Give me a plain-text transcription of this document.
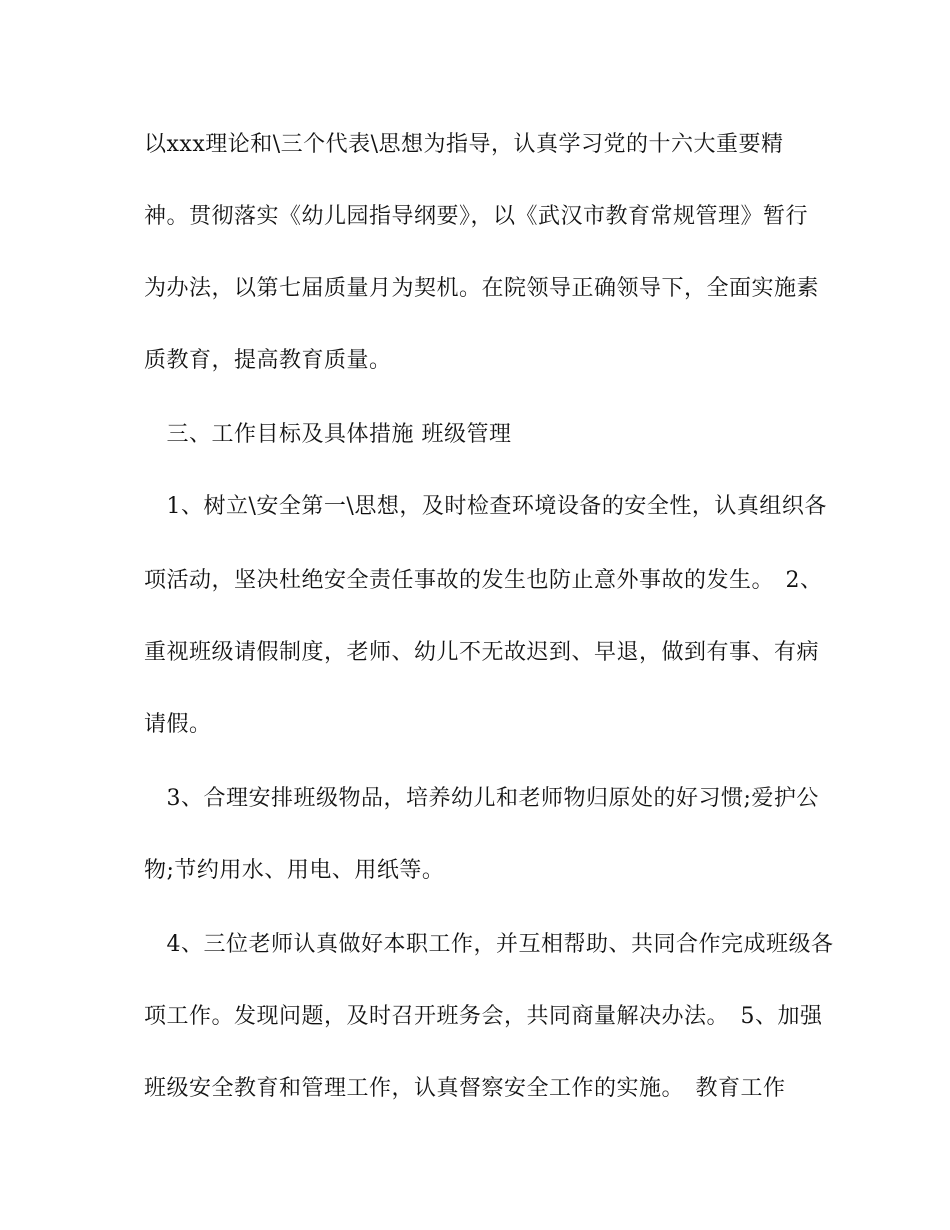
以xxx理论和\三个代表\思想为指导，认真学习党的十六大重要精
神。贯彻落实《幼儿园指导纲要》，以《武汉市教育常规管理》暂行
为办法，以第七届质量月为契机。在院领导正确领导下，全面实施素
质教育，提高教育质量。
　三、工作目标及具体措施 班级管理
　1、树立\安全第一\思想，及时检查环境设备的安全性，认真组织各
项活动，坚决杜绝安全责任事故的发生也防止意外事故的发生。　2、
重视班级请假制度，老师、幼儿不无故迟到、早退，做到有事、有病
请假。
　3、合理安排班级物品，培养幼儿和老师物归原处的好习惯;爱护公
物;节约用水、用电、用纸等。
　4、三位老师认真做好本职工作，并互相帮助、共同合作完成班级各
项工作。发现问题，及时召开班务会，共同商量解决办法。　5、加强
班级安全教育和管理工作，认真督察安全工作的实施。　教育工作
